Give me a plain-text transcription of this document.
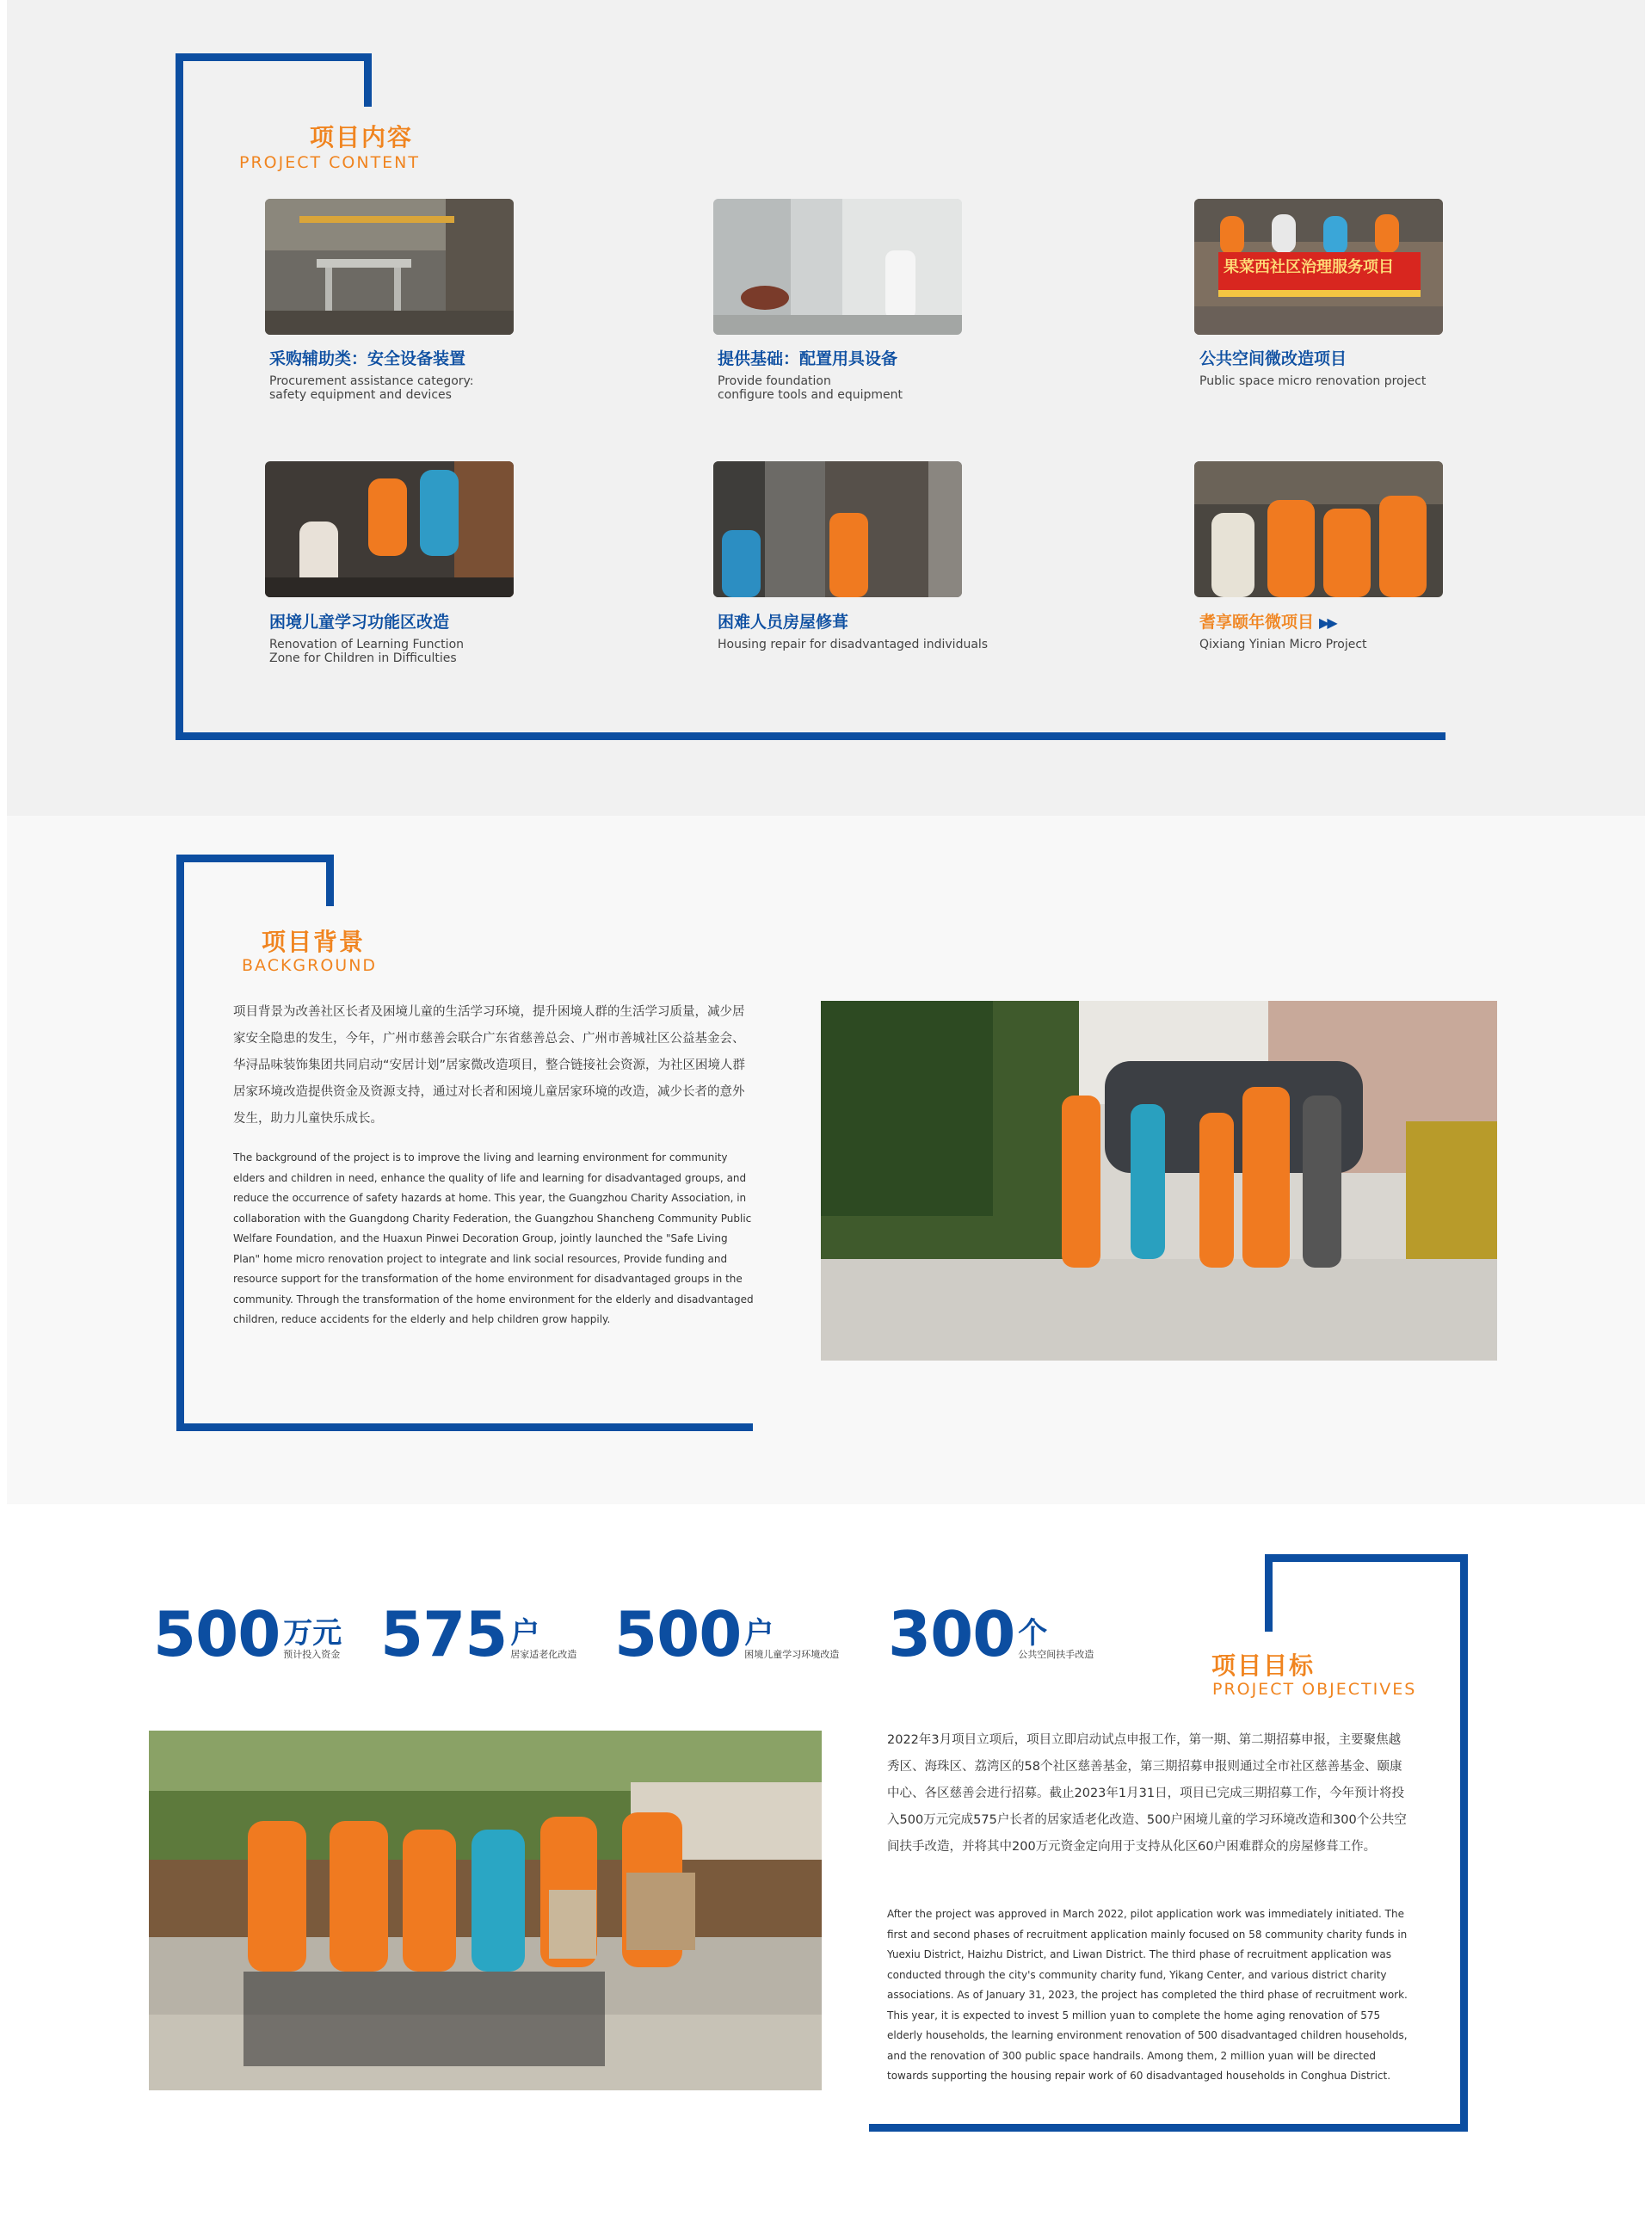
项目内容
PROJECT CONTENT
采购辅助类：安全设备装置
Procurement assistance category:
safety equipment and devices
提供基础：配置用具设备
Provide foundation
configure tools and equipment
果菜西社区治理服务项目
公共空间微改造项目
Public space micro renovation project
困境儿童学习功能区改造
Renovation of Learning Function
Zone for Children in Difficulties
困难人员房屋修葺
Housing repair for disadvantaged individuals
耆享颐年微项目 ▶▶
Qixiang Yinian Micro Project
项目背景
BACKGROUND
项目背景为改善社区长者及困境儿童的生活学习环境，提升困境人群的生活学习质量，减少居家安全隐患的发生，今年，广州市慈善会联合广东省慈善总会、广州市善城社区公益基金会、华浔品味装饰集团共同启动“安居计划”居家微改造项目，整合链接社会资源，为社区困境人群居家环境改造提供资金及资源支持，通过对长者和困境儿童居家环境的改造，减少长者的意外发生，助力儿童快乐成长。
The background of the project is to improve the living and learning environment for community elders and children in need, enhance the quality of life and learning for disadvantaged groups, and reduce the occurrence of safety hazards at home. This year, the Guangzhou Charity Association, in collaboration with the Guangdong Charity Federation, the Guangzhou Shancheng Community Public Welfare Foundation, and the Huaxun Pinwei Decoration Group, jointly launched the "Safe Living Plan" home micro renovation project to integrate and link social resources, Provide funding and resource support for the transformation of the home environment for disadvantaged groups in the community. Through the transformation of the home environment for the elderly and disadvantaged children, reduce accidents for the elderly and help children grow happily.
500 万元
预计投入资金 575 户
居家适老化改造 500 户
困境儿童学习环境改造 300 个
公共空间扶手改造	项目目标
PROJECT OBJECTIVES
2022年3月项目立项后，项目立即启动试点申报工作，第一期、第二期招募申报，主要聚焦越秀区、海珠区、荔湾区的58个社区慈善基金，第三期招募申报则通过全市社区慈善基金、颐康中心、各区慈善会进行招募。截止2023年1月31日，项目已完成三期招募工作，今年预计将投入500万元完成575户长者的居家适老化改造、500户困境儿童的学习环境改造和300个公共空间扶手改造，并将其中200万元资金定向用于支持从化区60户困难群众的房屋修葺工作。
After the project was approved in March 2022, pilot application work was immediately initiated. The first and second phases of recruitment application mainly focused on 58 community charity funds in Yuexiu District, Haizhu District, and Liwan District. The third phase of recruitment application was conducted through the city's community charity fund, Yikang Center, and various district charity associations. As of January 31, 2023, the project has completed the third phase of recruitment work. This year, it is expected to invest 5 million yuan to complete the home aging renovation of 575 elderly households, the learning environment renovation of 500 disadvantaged children households, and the renovation of 300 public space handrails. Among them, 2 million yuan will be directed towards supporting the housing repair work of 60 disadvantaged households in Conghua District.
